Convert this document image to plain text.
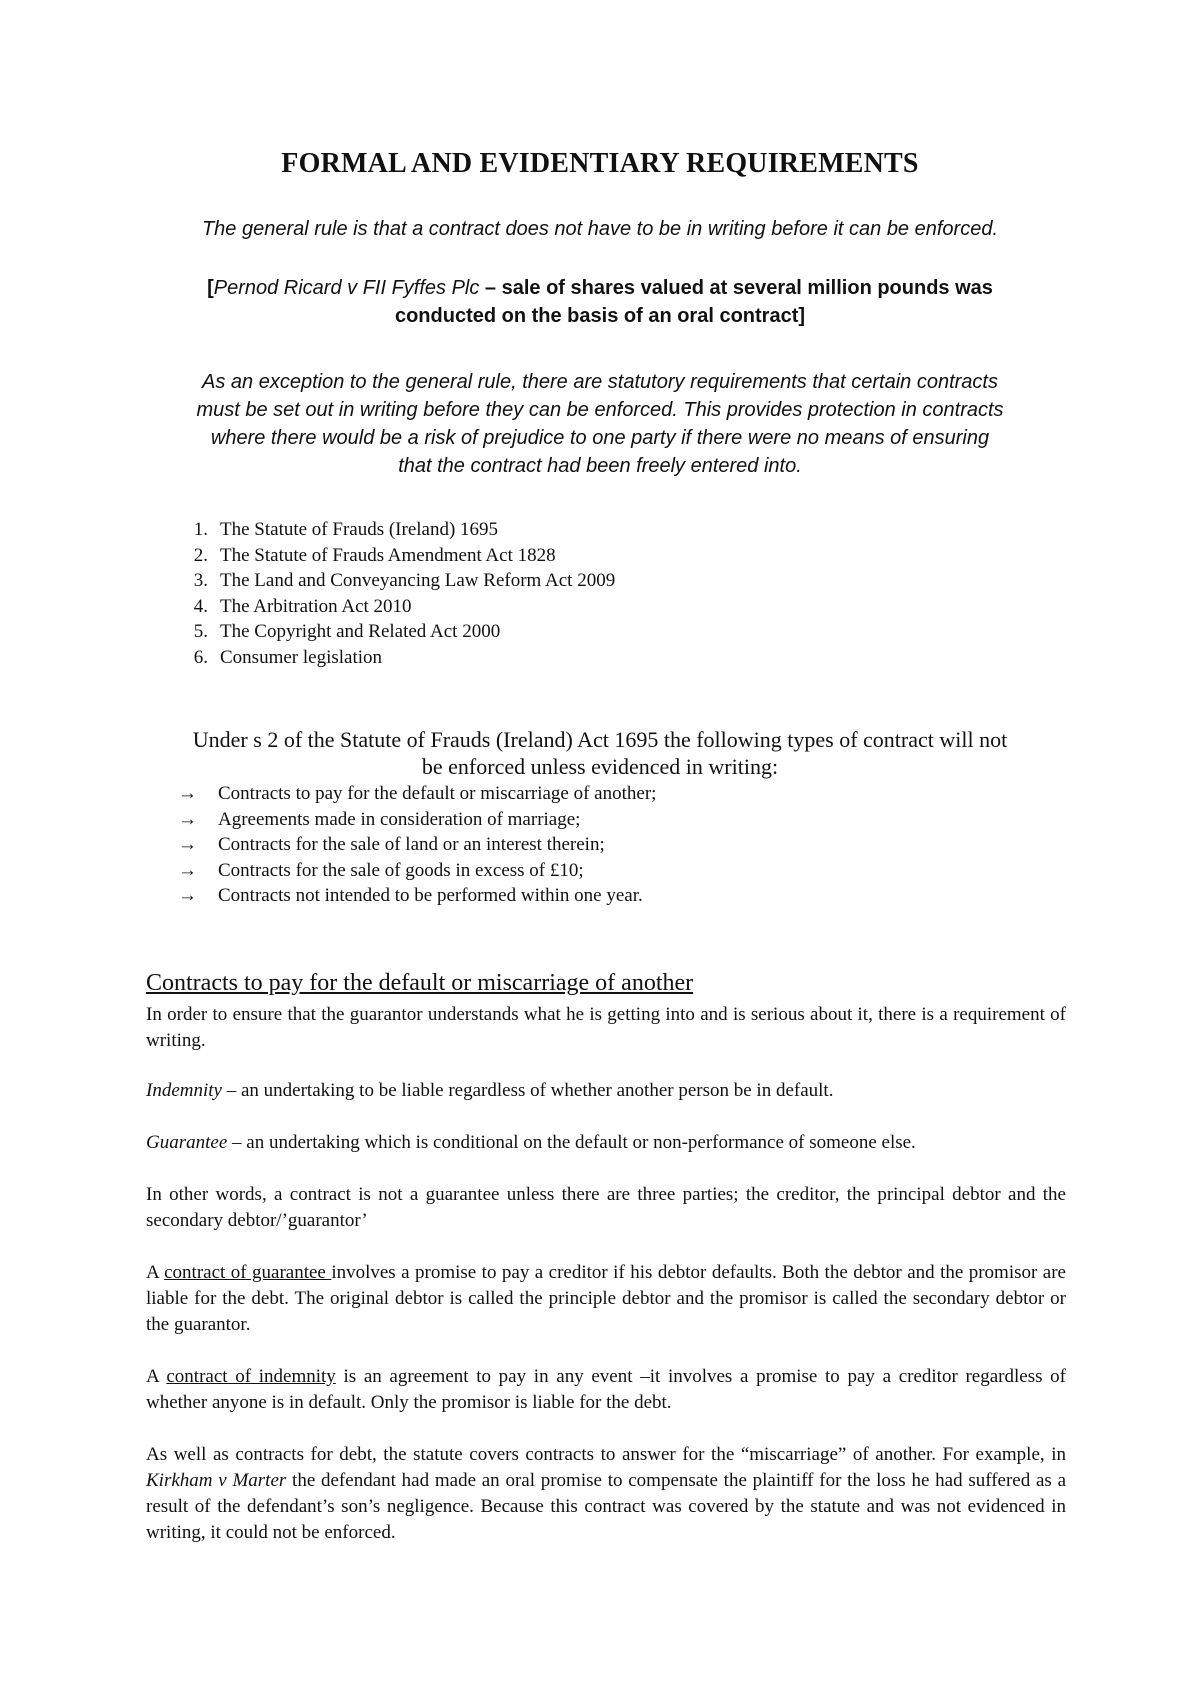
FORMAL AND EVIDENTIARY REQUIREMENTS

The general rule is that a contract does not have to be in writing before it can be enforced.

[Pernod Ricard v FII Fyffes Plc – sale of shares valued at several million pounds was
conducted on the basis of an oral contract]
As an exception to the general rule, there are statutory requirements that certain contracts
must be set out in writing before they can be enforced. This provides protection in contracts
where there would be a risk of prejudice to one party if there were no means of ensuring
that the contract had been freely entered into.
1. The Statute of Frauds (Ireland) 1695
2. The Statute of Frauds Amendment Act 1828
3. The Land and Conveyancing Law Reform Act 2009
4. The Arbitration Act 2010
5. The Copyright and Related Act 2000
6. Consumer legislation
Under s 2 of the Statute of Frauds (Ireland) Act 1695 the following types of contract will not
be enforced unless evidenced in writing:
→	Contracts to pay for the default or miscarriage of another;
→	Agreements made in consideration of marriage;
→	Contracts for the sale of land or an interest therein;
→	Contracts for the sale of goods in excess of £10;
→	Contracts not intended to be performed within one year.
Contracts to pay for the default or miscarriage of another

In order to ensure that the guarantor understands what he is getting into and is serious about it, there is a requirement of writing.

Indemnity – an undertaking to be liable regardless of whether another person be in default.

Guarantee – an undertaking which is conditional on the default or non-performance of someone else.

In other words, a contract is not a guarantee unless there are three parties; the creditor, the principal debtor and the secondary debtor/’guarantor’

A contract of guarantee involves a promise to pay a creditor if his debtor defaults. Both the debtor and the promisor are liable for the debt. The original debtor is called the principle debtor and the promisor is called the secondary debtor or the guarantor.

A contract of indemnity is an agreement to pay in any event –it involves a promise to pay a creditor regardless of whether anyone is in default. Only the promisor is liable for the debt.

As well as contracts for debt, the statute covers contracts to answer for the “miscarriage” of another. For example, in Kirkham v Marter the defendant had made an oral promise to compensate the plaintiff for the loss he had suffered as a result of the defendant’s son’s negligence. Because this contract was covered by the statute and was not evidenced in writing, it could not be enforced.
